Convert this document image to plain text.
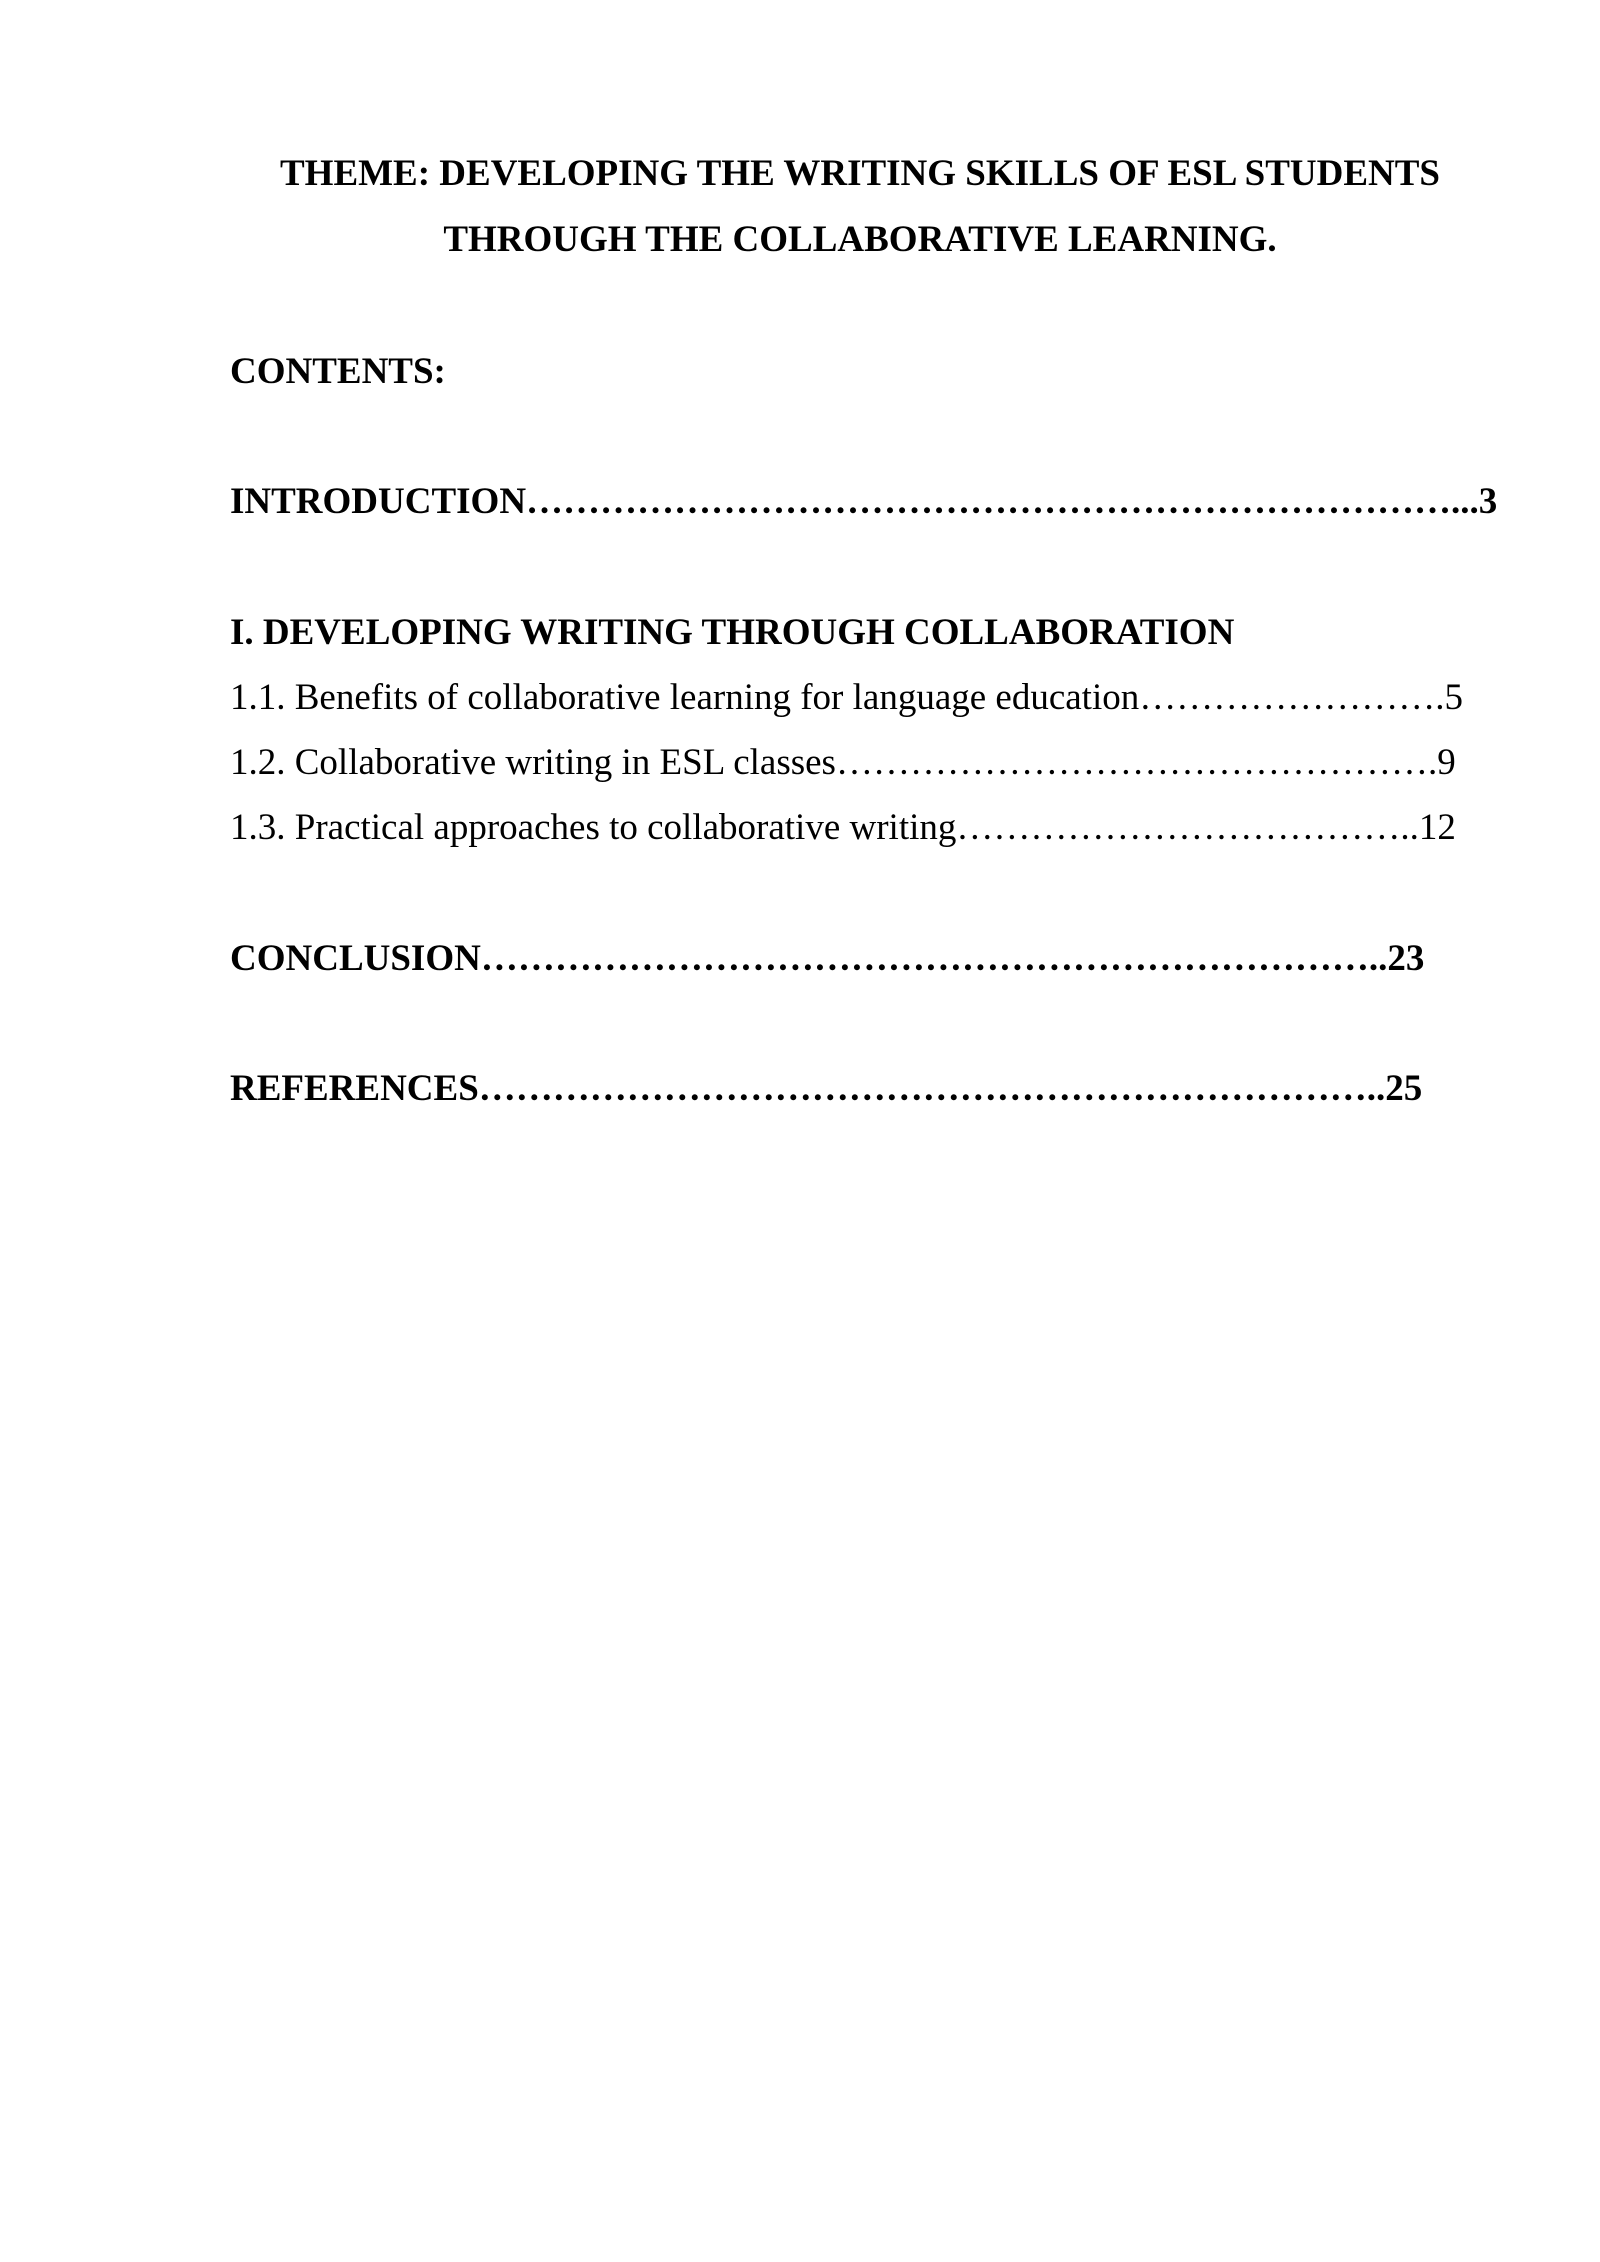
THEME: DEVELOPING THE WRITING SKILLS OF ESL STUDENTS
THROUGH THE COLLABORATIVE LEARNING.
CONTENTS:
INTRODUCTION…………………………………………………………………...3
I. DEVELOPING WRITING THROUGH COLLABORATION
1.1. Benefits of collaborative learning for language education…………………….5
1.2. Collaborative writing in ESL classes………………………………………….9
1.3. Practical approaches to collaborative writing………………………………..12
CONCLUSION………………………………………………………………..23
REFERENCES………………………………………………………………..25
